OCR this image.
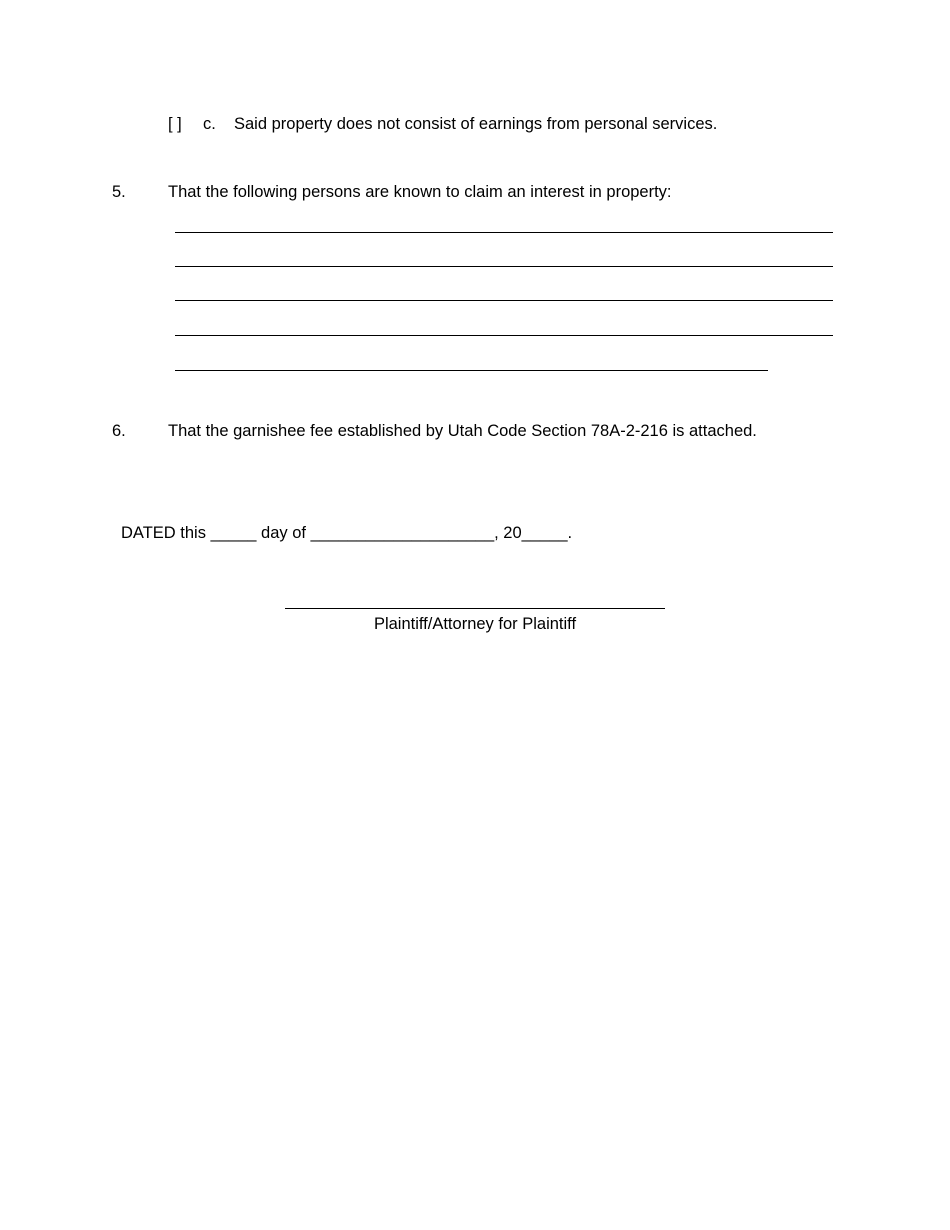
[ ] c. Said property does not consist of earnings from personal services.
5.	That the following persons are known to claim an interest in property:
6.	That the garnishee fee established by Utah Code Section 78A-2-216 is attached.
DATED this _____ day of ____________________, 20_____.
Plaintiff/Attorney for Plaintiff
